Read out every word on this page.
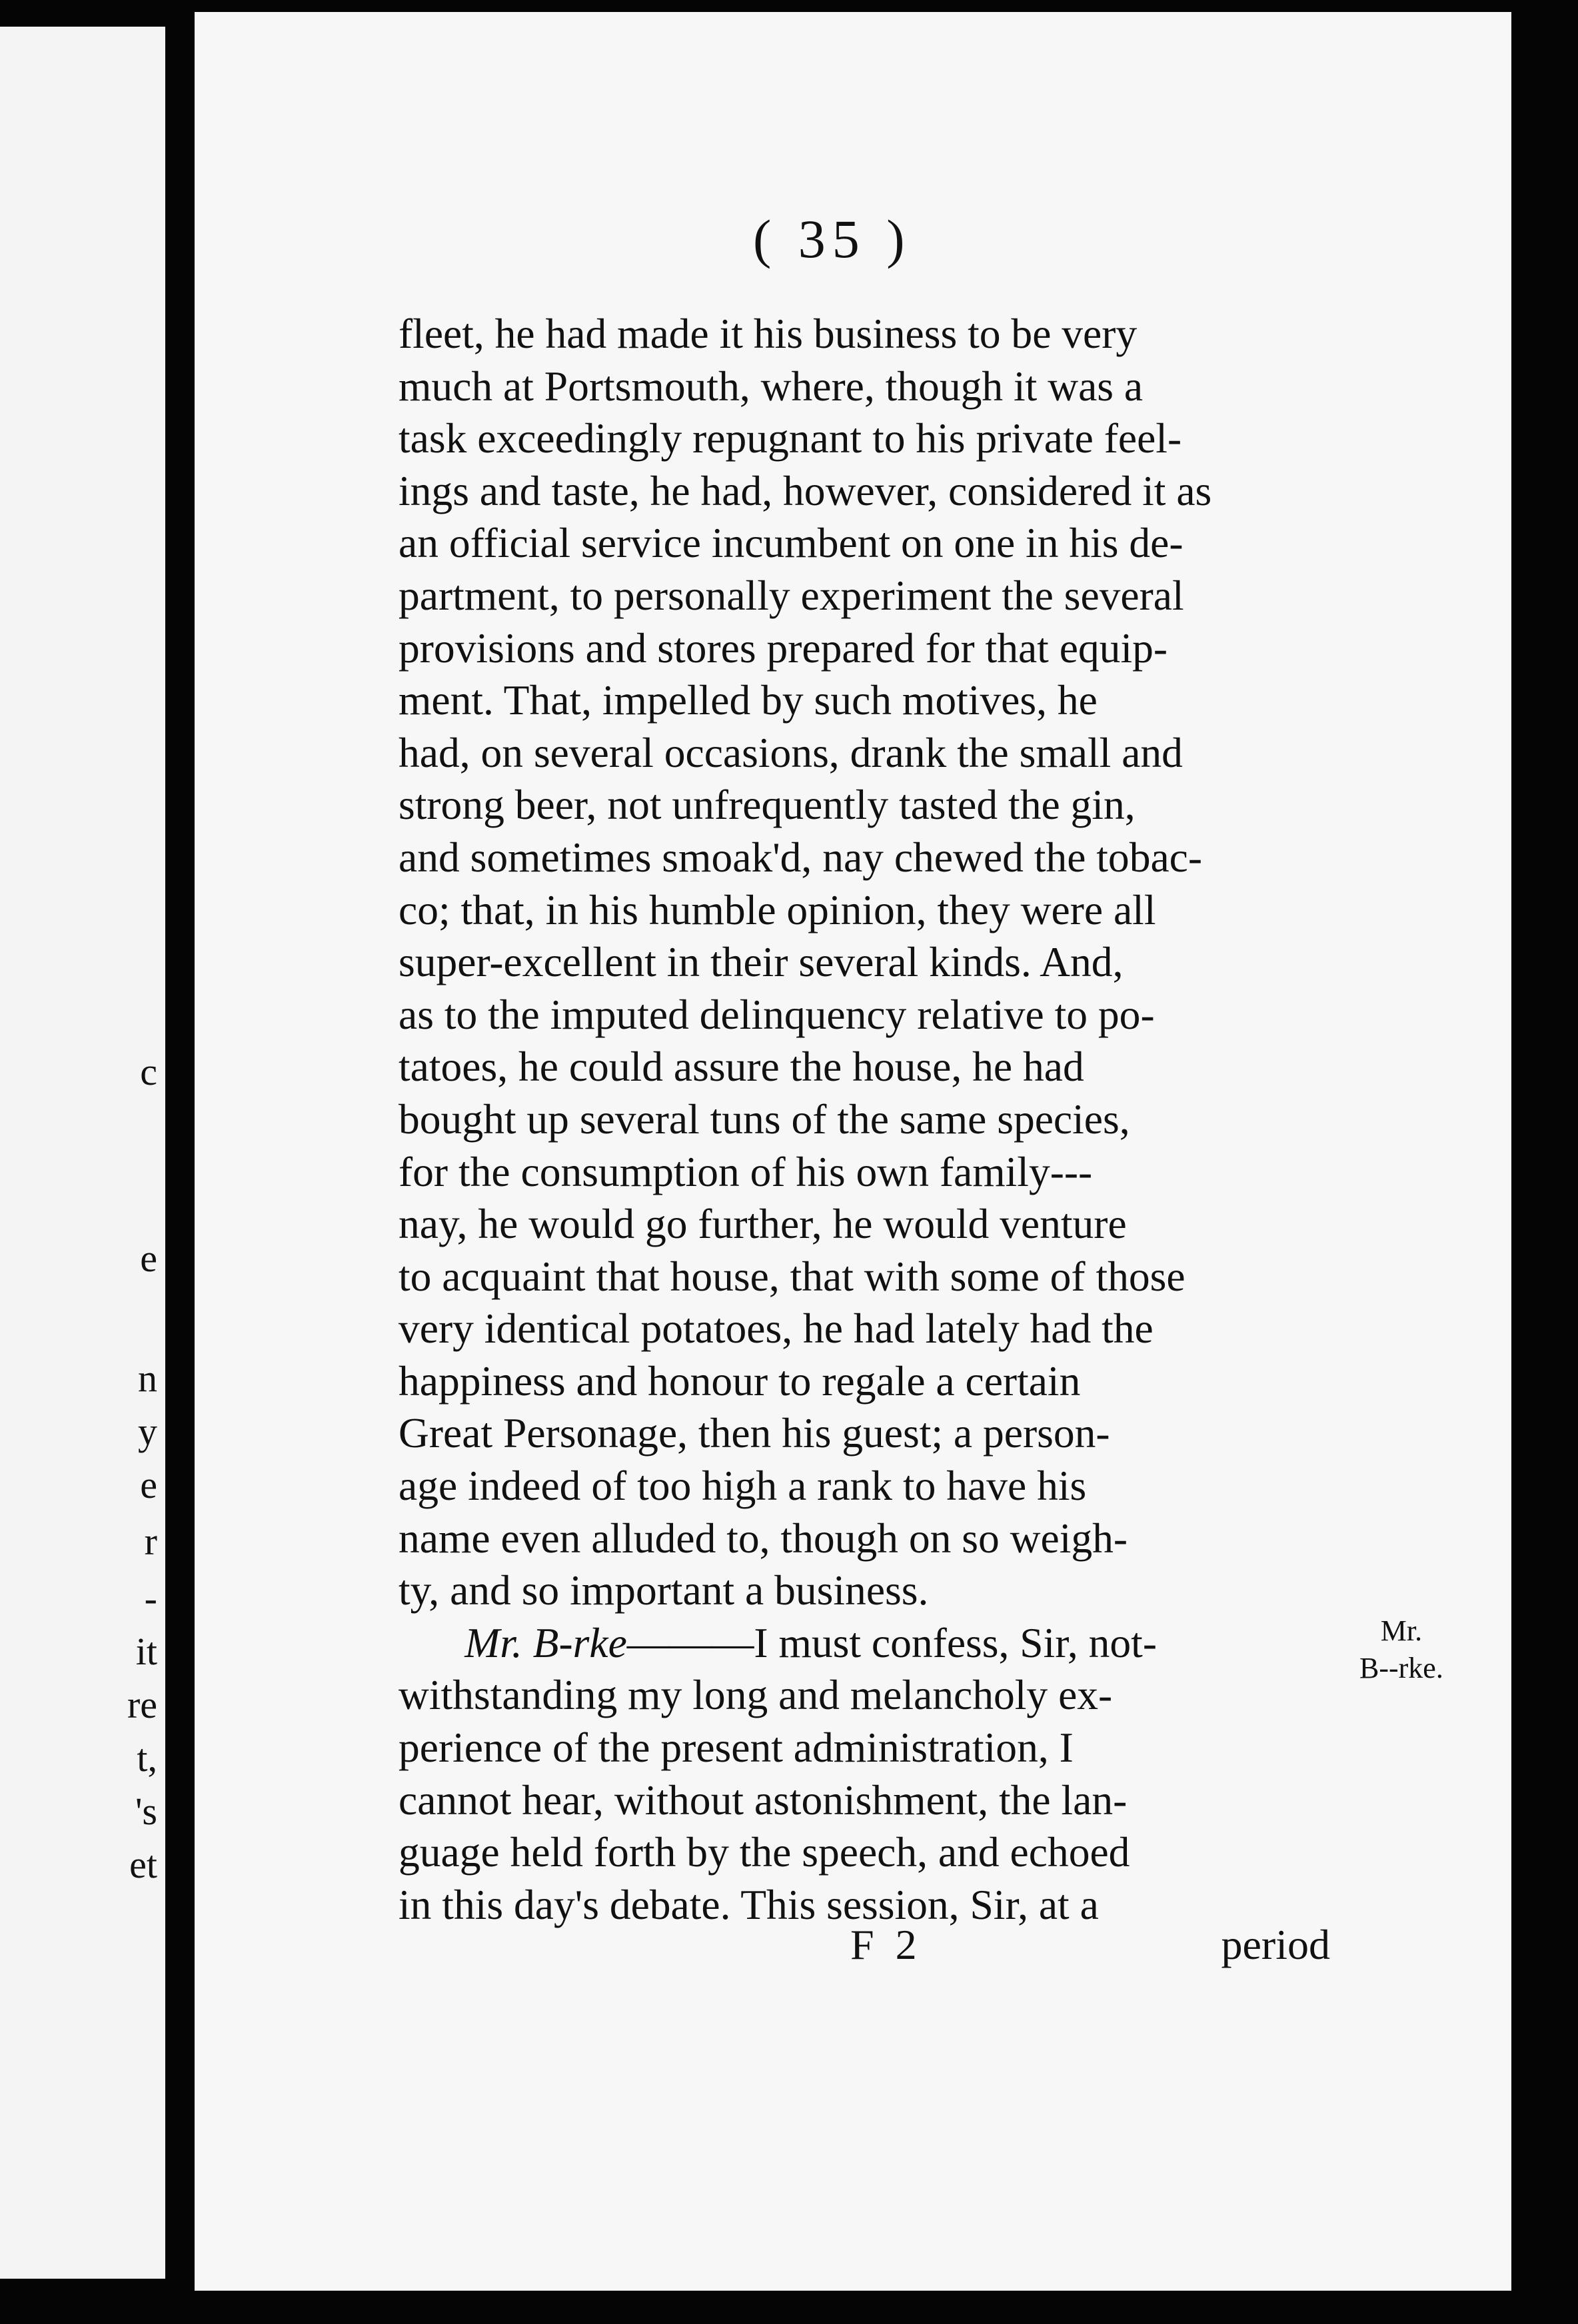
c
e
n
y
e
r
-
it
re
t,
's
et
( 35 )
fleet, he had made it his business to be very
much at Portsmouth, where, though it was a
task exceedingly repugnant to his private feel-
ings and taste, he had, however, considered it as
an official service incumbent on one in his de-
partment, to personally experiment the several
provisions and stores prepared for that equip-
ment. That, impelled by such motives, he
had, on several occasions, drank the small and
strong beer, not unfrequently tasted the gin,
and sometimes smoak'd, nay chewed the tobac-
co; that, in his humble opinion, they were all
super-excellent in their several kinds. And,
as to the imputed delinquency relative to po-
tatoes, he could assure the house, he had
bought up several tuns of the same species,
for the consumption of his own family---
nay, he would go further, he would venture
to acquaint that house, that with some of those
very identical potatoes, he had lately had the
happiness and honour to regale a certain
Great Personage, then his guest; a person-
age indeed of too high a rank to have his
name even alluded to, though on so weigh-
ty, and so important a business.
Mr. B-rke———I must confess, Sir, not-
withstanding my long and melancholy ex-
perience of the present administration, I
cannot hear, without astonishment, the lan-
guage held forth by the speech, and echoed
in this day's debate. This session, Sir, at a
Mr.
B--rke.
F 2	period
